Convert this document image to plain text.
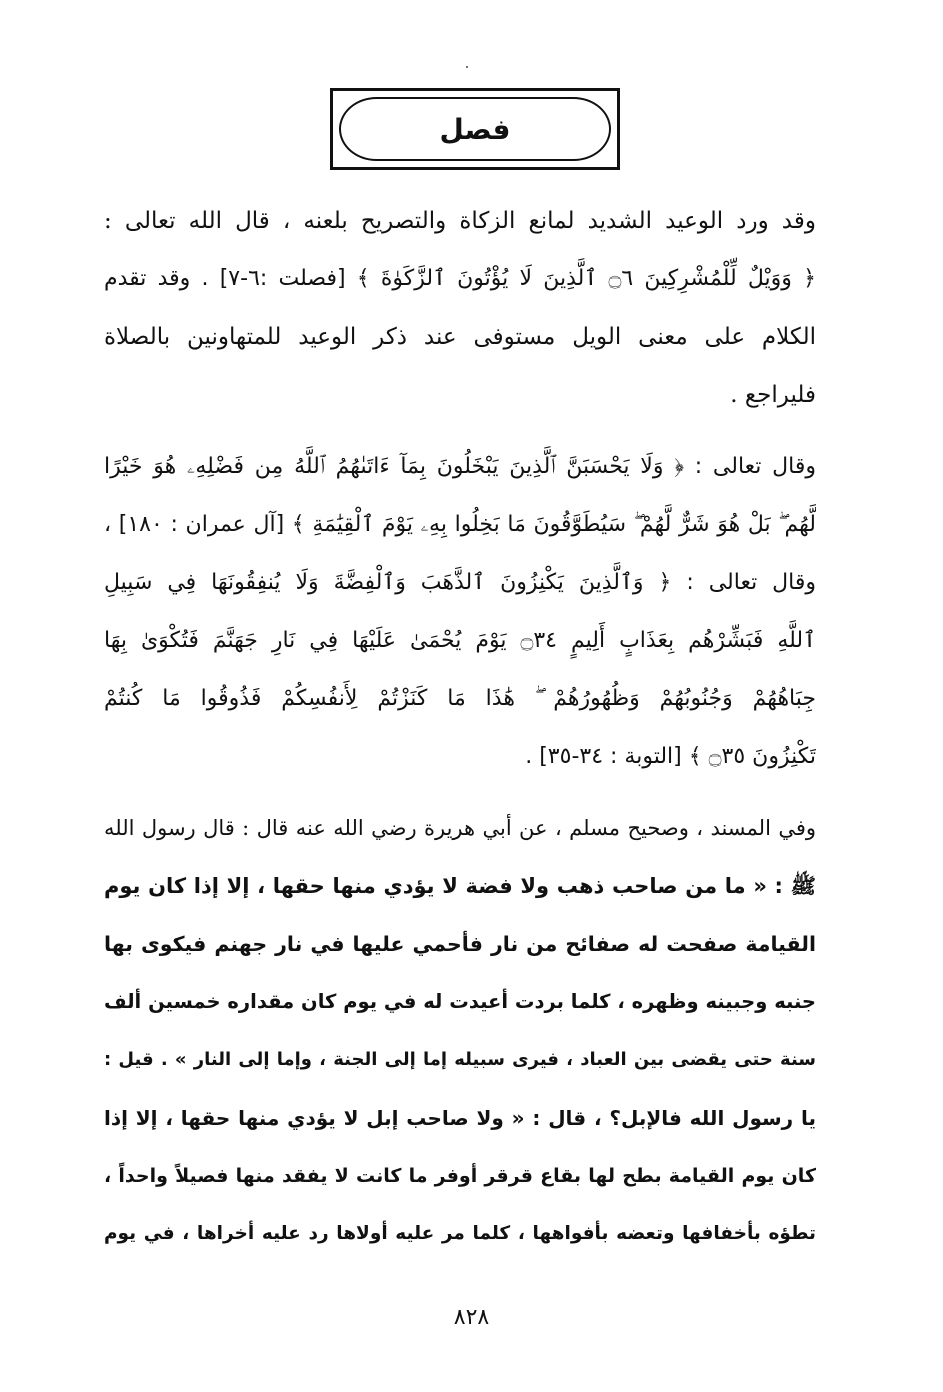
فصل
وقد ورد الوعيد الشديد لمانع الزكاة والتصريح بلعنه ، قال الله تعالى :
﴿ وَوَيْلٌ لِّلْمُشْرِكِينَ ۝٦ ٱلَّذِينَ لَا يُؤْتُونَ ٱلزَّكَوٰةَ ﴾ [فصلت :٦-٧] . وقد تقدم
الكلام على معنى الويل مستوفى عند ذكر الوعيد للمتهاونين بالصلاة
فليراجع .
وقال تعالى : ﴿ وَلَا يَحْسَبَنَّ ٱلَّذِينَ يَبْخَلُونَ بِمَآ ءَاتَىٰهُمُ ٱللَّهُ مِن فَضْلِهِۦ هُوَ خَيْرًا
لَّهُم ۖ بَلْ هُوَ شَرٌّ لَّهُمْ ۖ سَيُطَوَّقُونَ مَا بَخِلُوا بِهِۦ يَوْمَ ٱلْقِيَٰمَةِ ﴾ [آل عمران : ١٨٠] ،
وقال تعالى : ﴿ وَٱلَّذِينَ يَكْنِزُونَ ٱلذَّهَبَ وَٱلْفِضَّةَ وَلَا يُنفِقُونَهَا فِي سَبِيلِ
ٱللَّهِ فَبَشِّرْهُم بِعَذَابٍ أَلِيمٍ ۝٣٤ يَوْمَ يُحْمَىٰ عَلَيْهَا فِي نَارِ جَهَنَّمَ فَتُكْوَىٰ بِهَا
جِبَاهُهُمْ وَجُنُوبُهُمْ وَظُهُورُهُمْ ۖ هَٰذَا مَا كَنَزْتُمْ لِأَنفُسِكُمْ فَذُوقُوا مَا كُنتُمْ
تَكْنِزُونَ ۝٣٥ ﴾ [التوبة : ٣٤-٣٥] .
وفي المسند ، وصحيح مسلم ، عن أبي هريرة رضي الله عنه قال : قال رسول الله
ﷺ : « ما من صاحب ذهب ولا فضة لا يؤدي منها حقها ، إلا إذا كان يوم
القيامة صفحت له صفائح من نار فأحمي عليها في نار جهنم فيكوى بها
جنبه وجبينه وظهره ، كلما بردت أعيدت له في يوم كان مقداره خمسين ألف
سنة حتى يقضى بين العباد ، فيرى سبيله إما إلى الجنة ، وإما إلى النار » . قيل :
يا رسول الله فالإبل؟ ، قال : « ولا صاحب إبل لا يؤدي منها حقها ، إلا إذا
كان يوم القيامة بطح لها بقاع قرقر أوفر ما كانت لا يفقد منها فصيلاً واحداً ،
تطؤه بأخفافها وتعضه بأفواهها ، كلما مر عليه أولاها رد عليه أخراها ، في يوم
٨٢٨
